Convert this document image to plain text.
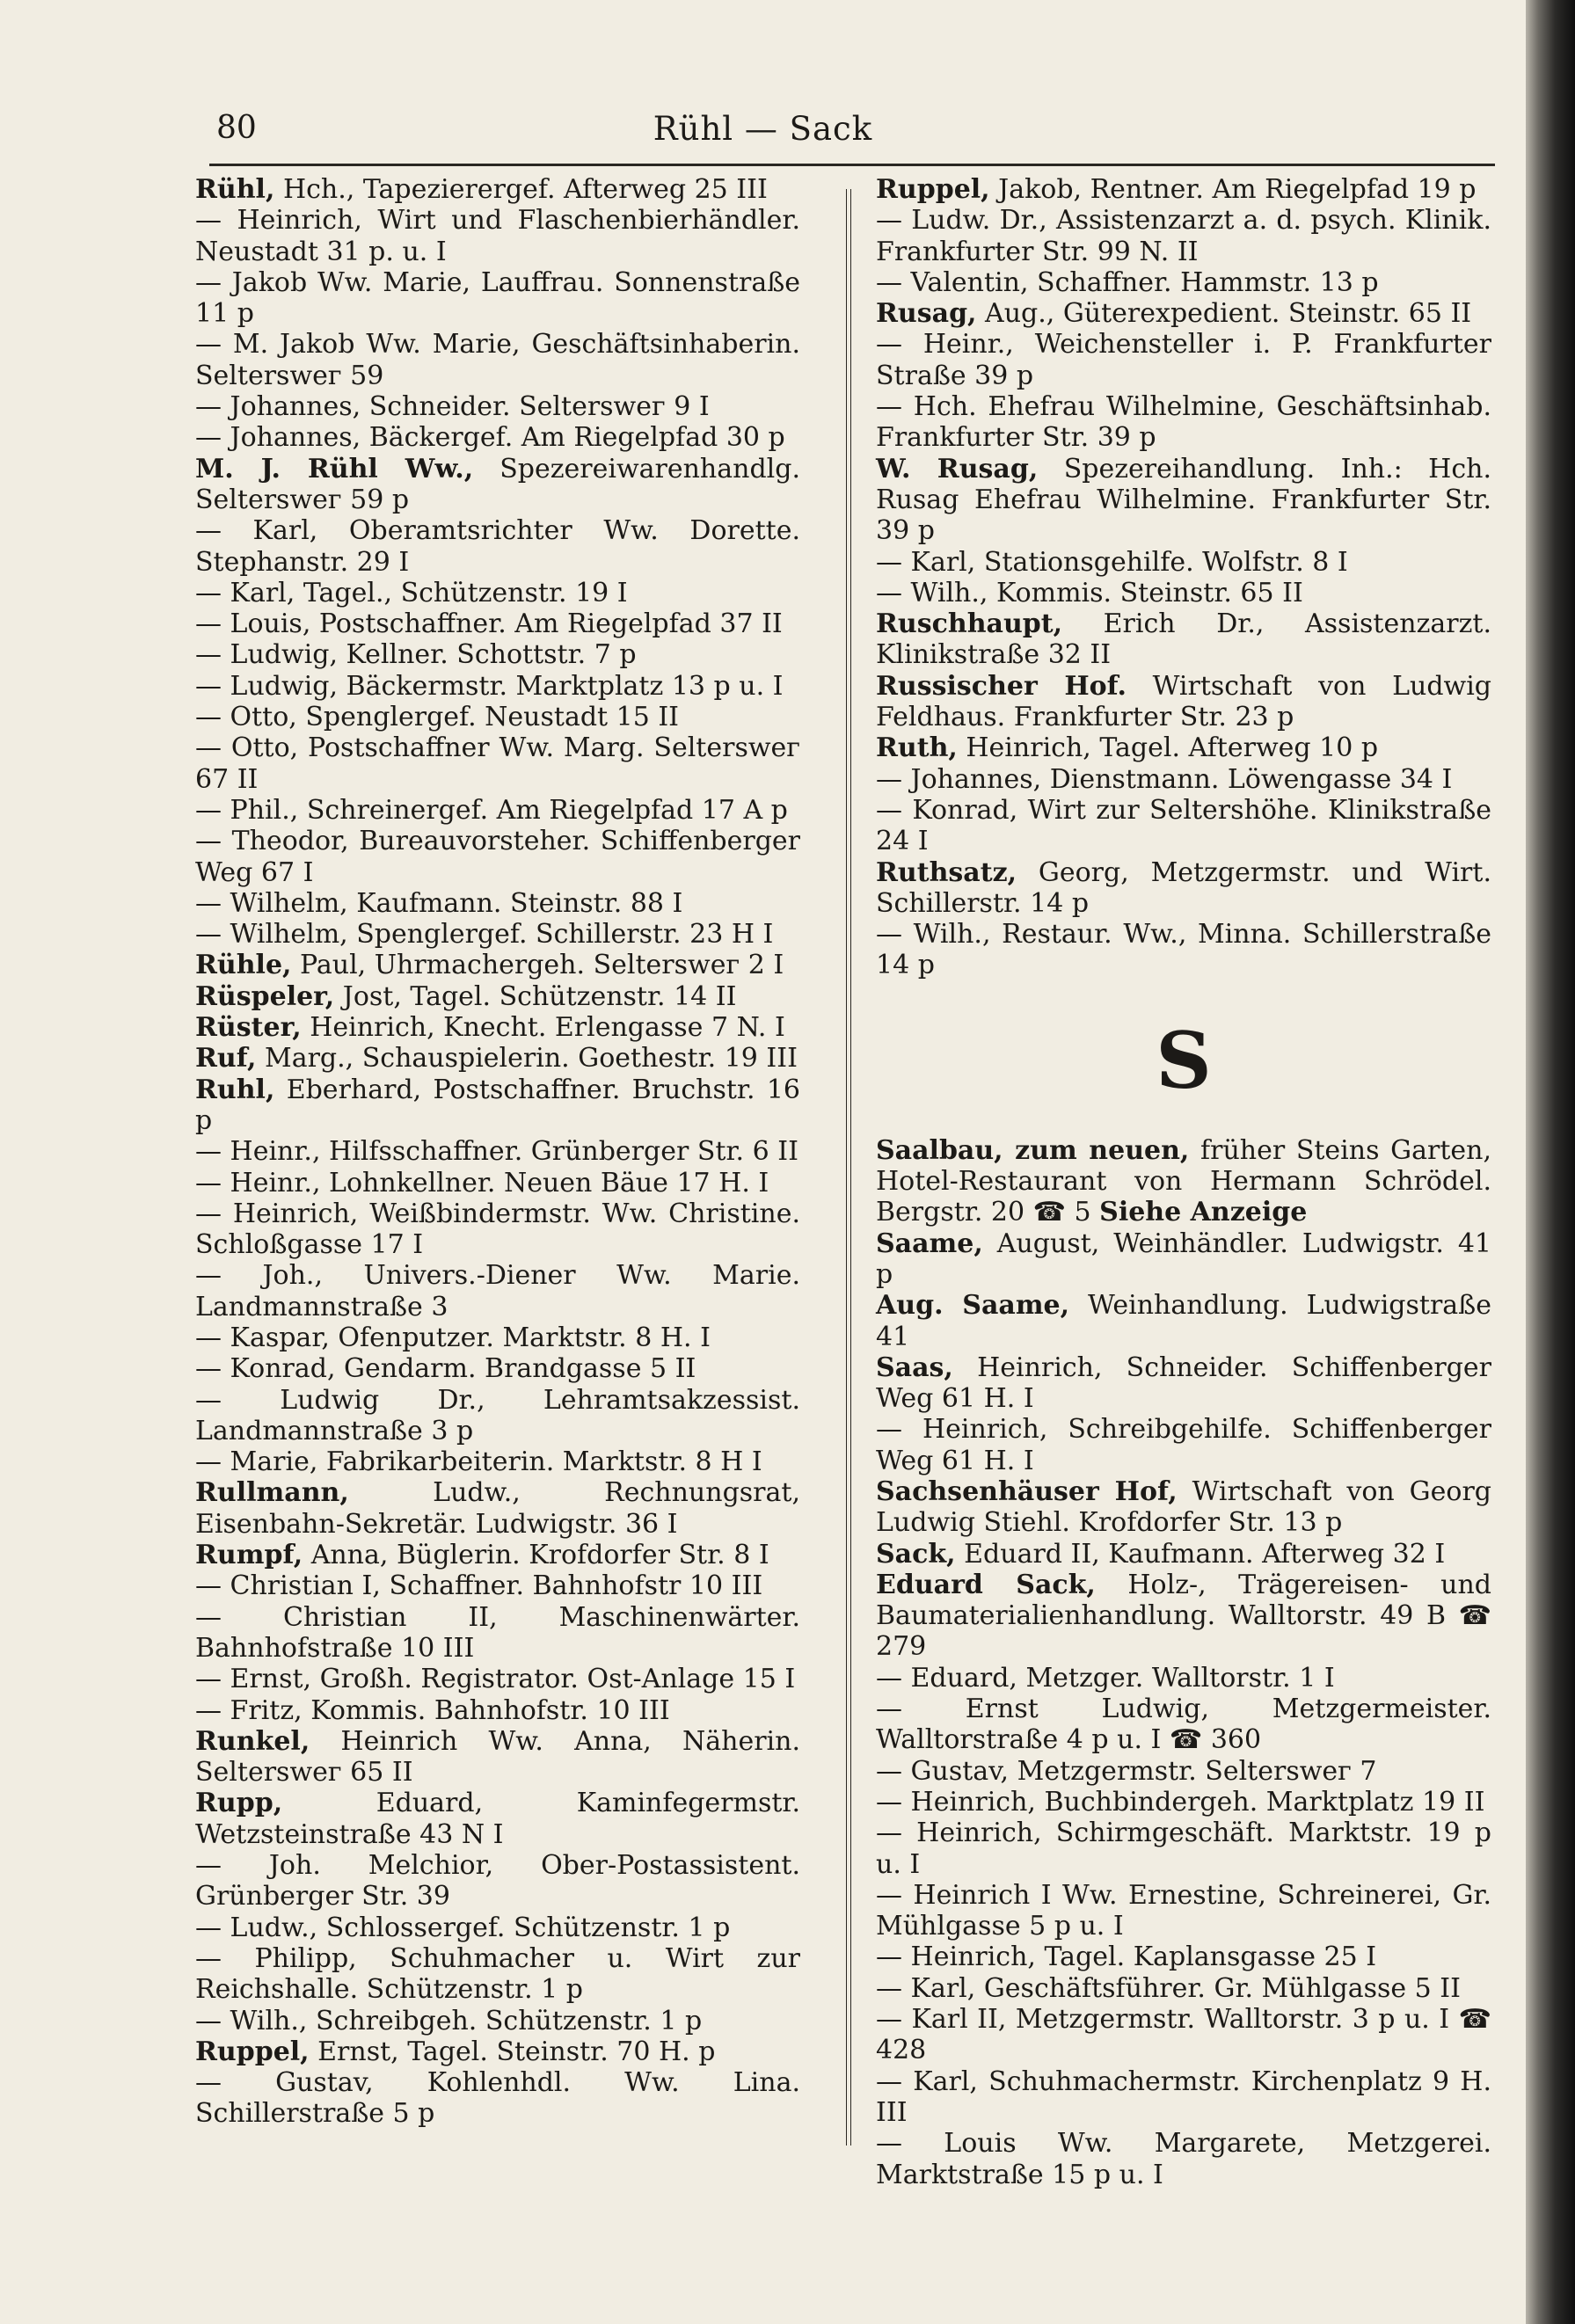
80	Rühl — Sack

Rühl, Hch., Tapezierergef. Afterweg 25 III

— Heinrich, Wirt und Flaschenbierhändler. Neustadt 31 p. u. I

— Jakob Ww. Marie, Lauffrau. Sonnenstraße 11 p

— M. Jakob Ww. Marie, Geschäftsinhaberin. Selterswег 59

— Johannes, Schneider. Selterswег 9 I

— Johannes, Bäckergef. Am Riegelpfad 30 p

M. J. Rühl Ww., Spezereiwarenhandlg. Selterswег 59 p

— Karl, Oberamtsrichter Ww. Dorette. Stephanstr. 29 I

— Karl, Tagel., Schützenstr. 19 I

— Louis, Postschaffner. Am Riegelpfad 37 II

— Ludwig, Kellner. Schottstr. 7 p

— Ludwig, Bäckermstr. Marktplatz 13 p u. I

— Otto, Spenglergef. Neustadt 15 II

— Otto, Postschaffner Ww. Marg. Selterswег 67 II

— Phil., Schreinergef. Am Riegelpfad 17 A p

— Theodor, Bureauvorsteher. Schiffenberger Weg 67 I

— Wilhelm, Kaufmann. Steinstr. 88 I

— Wilhelm, Spenglergef. Schillerstr. 23 H I

Rühle, Paul, Uhrmachergeh. Selterswег 2 I

Rüspeler, Jost, Tagel. Schützenstr. 14 II

Rüster, Heinrich, Knecht. Erlengasse 7 N. I

Ruf, Marg., Schauspielerin. Goethestr. 19 III

Ruhl, Eberhard, Postschaffner. Bruchstr. 16 p

— Heinr., Hilfsschaffner. Grünberger Str. 6 II

— Heinr., Lohnkellner. Neuen Bäue 17 H. I

— Heinrich, Weißbindermstr. Ww. Christine. Schloßgasse 17 I

— Joh., Univers.-Diener Ww. Marie. Landmannstraße 3

— Kaspar, Ofenputzer. Marktstr. 8 H. I

— Konrad, Gendarm. Brandgasse 5 II

— Ludwig Dr., Lehramtsakzessist. Landmannstraße 3 p

— Marie, Fabrikarbeiterin. Marktstr. 8 H I

Rullmann, Ludw., Rechnungsrat, Eisenbahn-Sekretär. Ludwigstr. 36 I

Rumpf, Anna, Büglerin. Krofdorfer Str. 8 I

— Christian I, Schaffner. Bahnhofstr 10 III

— Christian II, Maschinenwärter. Bahnhofstraße 10 III

— Ernst, Großh. Registrator. Ost-Anlage 15 I

— Fritz, Kommis. Bahnhofstr. 10 III

Runkel, Heinrich Ww. Anna, Näherin. Selterswег 65 II

Rupp, Eduard, Kaminfegermstr. Wetzsteinstraße 43 N I

— Joh. Melchior, Ober-Postassistent. Grünberger Str. 39

— Ludw., Schlossergef. Schützenstr. 1 p

— Philipp, Schuhmacher u. Wirt zur Reichshalle. Schützenstr. 1 p

— Wilh., Schreibgeh. Schützenstr. 1 p

Ruppel, Ernst, Tagel. Steinstr. 70 H. p

— Gustav, Kohlenhdl. Ww. Lina. Schillerstraße 5 p

Ruppel, Jakob, Rentner. Am Riegelpfad 19 p

— Ludw. Dr., Assistenzarzt a. d. psych. Klinik. Frankfurter Str. 99 N. II

— Valentin, Schaffner. Hammstr. 13 p

Rusag, Aug., Güterexpedient. Steinstr. 65 II

— Heinr., Weichensteller i. P. Frankfurter Straße 39 p

— Hch. Ehefrau Wilhelmine, Geschäftsinhab. Frankfurter Str. 39 p

W. Rusag, Spezereihandlung. Inh.: Hch. Rusag Ehefrau Wilhelmine. Frankfurter Str. 39 p

— Karl, Stationsgehilfe. Wolfstr. 8 I

— Wilh., Kommis. Steinstr. 65 II

Ruschhaupt, Erich Dr., Assistenzarzt. Klinikstraße 32 II

Russischer Hof. Wirtschaft von Ludwig Feldhaus. Frankfurter Str. 23 p

Ruth, Heinrich, Tagel. Afterweg 10 p

— Johannes, Dienstmann. Löwengasse 34 I

— Konrad, Wirt zur Seltershöhe. Klinikstraße 24 I

Ruthsatz, Georg, Metzgermstr. und Wirt. Schillerstr. 14 p

— Wilh., Restaur. Ww., Minna. Schillerstraße 14 p

S

Saalbau, zum neuen, früher Steins Garten, Hotel-Restaurant von Hermann Schrödel. Bergstr. 20 ☎ 5 Siehe Anzeige

Saame, August, Weinhändler. Ludwigstr. 41 p

Aug. Saame, Weinhandlung. Ludwigstraße 41

Saas, Heinrich, Schneider. Schiffenberger Weg 61 H. I

— Heinrich, Schreibgehilfe. Schiffenberger Weg 61 H. I

Sachsenhäuser Hof, Wirtschaft von Georg Ludwig Stiehl. Krofdorfer Str. 13 p

Sack, Eduard II, Kaufmann. Afterweg 32 I

Eduard Sack, Holz-, Trägereisen- und Baumaterialienhandlung. Walltorstr. 49 B ☎ 279

— Eduard, Metzger. Walltorstr. 1 I

— Ernst Ludwig, Metzgermeister. Walltorstraße 4 p u. I ☎ 360

— Gustav, Metzgermstr. Selterswег 7

— Heinrich, Buchbindergeh. Marktplatz 19 II

— Heinrich, Schirmgeschäft. Marktstr. 19 p u. I

— Heinrich I Ww. Ernestine, Schreinerei, Gr. Mühlgasse 5 p u. I

— Heinrich, Tagel. Kaplansgasse 25 I

— Karl, Geschäftsführer. Gr. Mühlgasse 5 II

— Karl II, Metzgermstr. Walltorstr. 3 p u. I ☎ 428

— Karl, Schuhmachermstr. Kirchenplatz 9 H. III

— Louis Ww. Margarete, Metzgerei. Marktstraße 15 p u. I
